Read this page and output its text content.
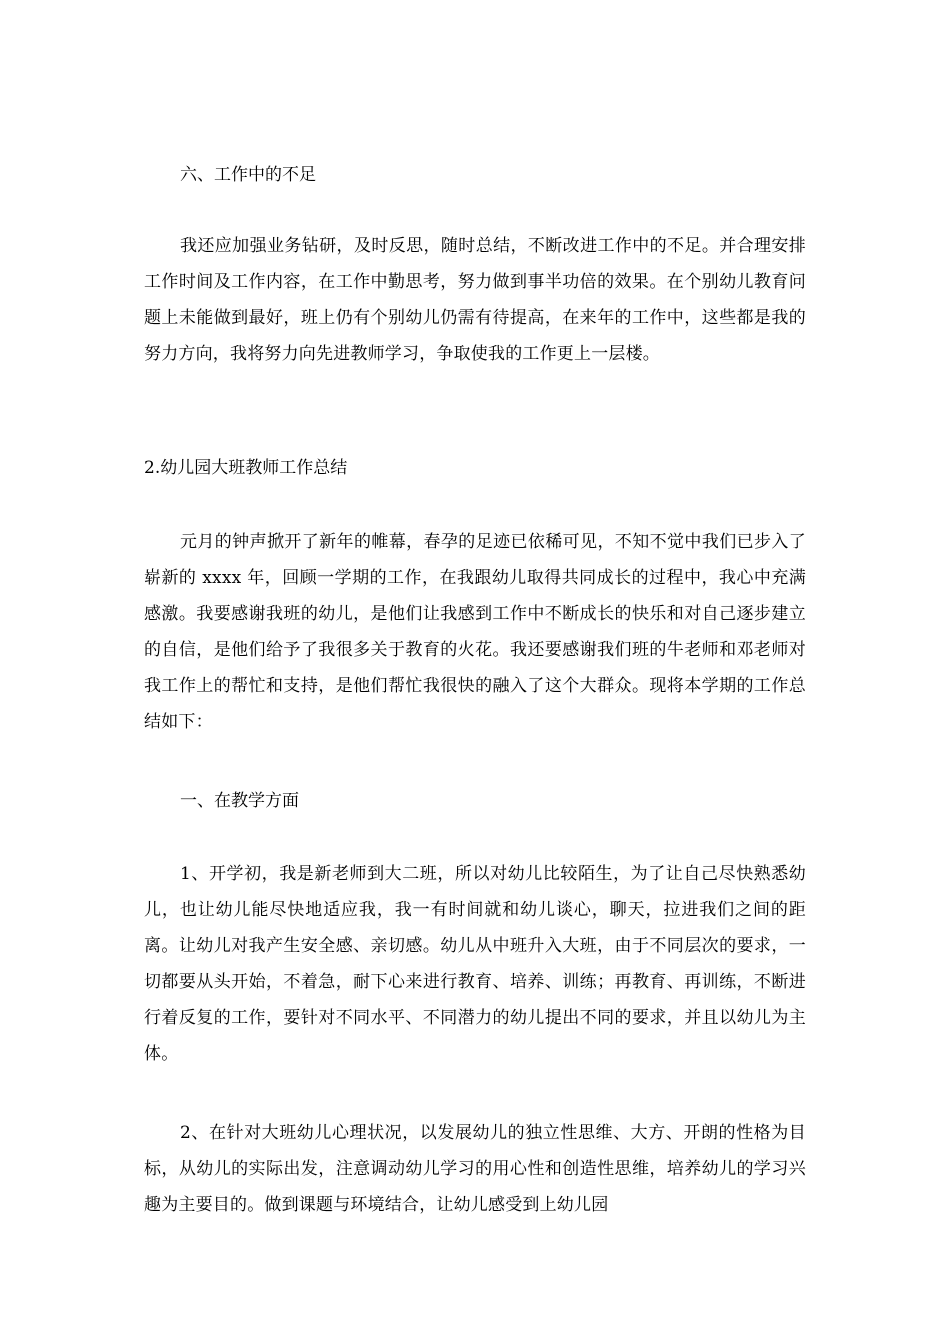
六、工作中的不足

我还应加强业务钻研，及时反思，随时总结，不断改进工作中的不足。并合理安排工作时间及工作内容，在工作中勤思考，努力做到事半功倍的效果。在个别幼儿教育问题上未能做到最好，班上仍有个别幼儿仍需有待提高，在来年的工作中，这些都是我的努力方向，我将努力向先进教师学习，争取使我的工作更上一层楼。

2.幼儿园大班教师工作总结

元月的钟声掀开了新年的帷幕，春孕的足迹已依稀可见，不知不觉中我们已步入了崭新的 xxxx 年，回顾一学期的工作，在我跟幼儿取得共同成长的过程中，我心中充满感激。我要感谢我班的幼儿，是他们让我感到工作中不断成长的快乐和对自己逐步建立的自信，是他们给予了我很多关于教育的火花。我还要感谢我们班的牛老师和邓老师对我工作上的帮忙和支持，是他们帮忙我很快的融入了这个大群众。现将本学期的工作总结如下：

一、在教学方面

1、开学初，我是新老师到大二班，所以对幼儿比较陌生，为了让自己尽快熟悉幼儿，也让幼儿能尽快地适应我，我一有时间就和幼儿谈心，聊天，拉进我们之间的距离。让幼儿对我产生安全感、亲切感。幼儿从中班升入大班，由于不同层次的要求，一切都要从头开始，不着急，耐下心来进行教育、培养、训练；再教育、再训练，不断进行着反复的工作，要针对不同水平、不同潜力的幼儿提出不同的要求，并且以幼儿为主体。

2、在针对大班幼儿心理状况，以发展幼儿的独立性思维、大方、开朗的性格为目标，从幼儿的实际出发，注意调动幼儿学习的用心性和创造性思维，培养幼儿的学习兴趣为主要目的。做到课题与环境结合，让幼儿感受到上幼儿园
